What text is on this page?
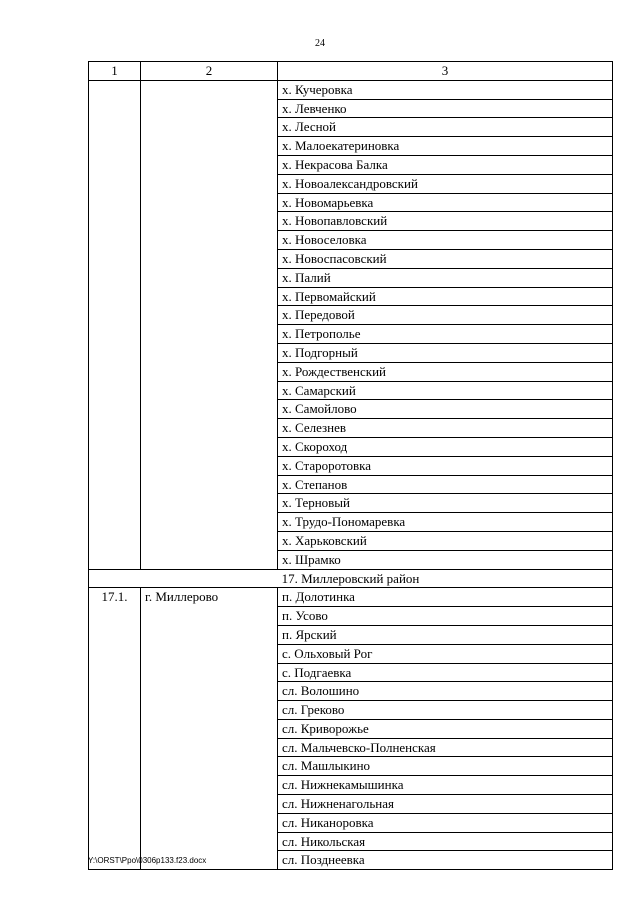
24
1	2	3
		х. Кучеровка
		х. Левченко
		х. Лесной
		х. Малоекатериновка
		х. Некрасова Балка
		х. Новоалександровский
		х. Новомарьевка
		х. Новопавловский
		х. Новоселовка
		х. Новоспасовский
		х. Палий
		х. Первомайский
		х. Передовой
		х. Петрополье
		х. Подгорный
		х. Рождественский
		х. Самарский
		х. Самойлово
		х. Селезнев
		х. Скороход
		х. Староротовка
		х. Степанов
		х. Терновый
		х. Трудо-Пономаревка
		х. Харьковский
		х. Шрамко
17. Миллеровский район		
17.1.	г. Миллерово	п. Долотинка
		п. Усово
		п. Ярский
		с. Ольховый Рог
		с. Подгаевка
		сл. Волошино
		сл. Греково
		сл. Криворожье
		сл. Мальчевско-Полненская
		сл. Машлыкино
		сл. Нижнекамышинка
		сл. Нижненагольная
		сл. Никаноровка
		сл. Никольская
		сл. Позднеевка
Y:\ORST\Ppo\0306p133.f23.docx
